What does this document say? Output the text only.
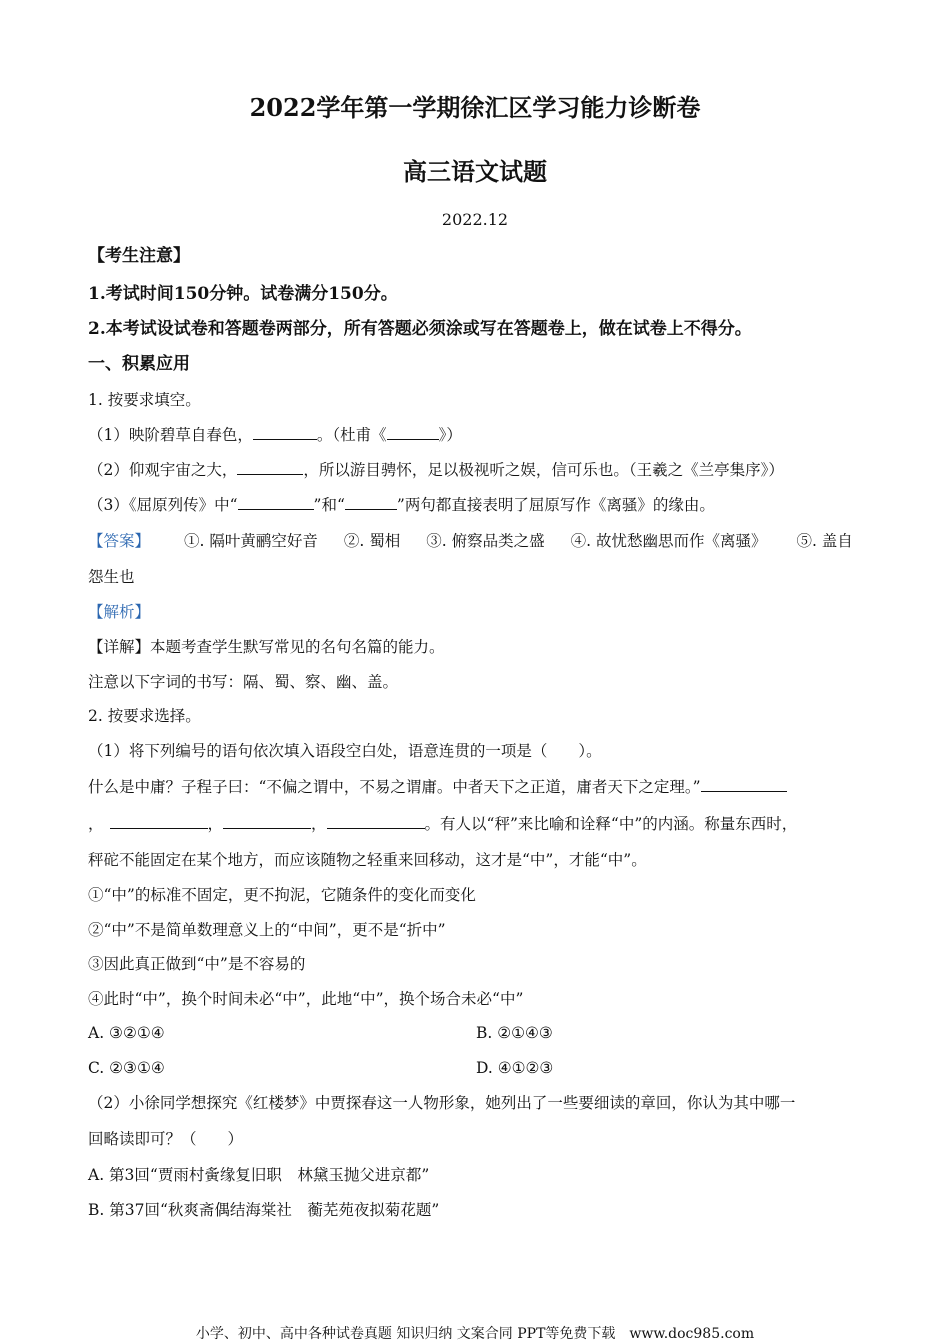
2022学年第一学期徐汇区学习能力诊断卷
高三语文试题
2022.12
【考生注意】
1.考试时间150分钟。试卷满分150分。
2.本考试设试卷和答题卷两部分，所有答题必须涂或写在答题卷上，做在试卷上不得分。
一、积累应用
1. 按要求填空。
（1）映阶碧草自春色，	。（杜甫《	》）
（2）仰观宇宙之大，	，所以游目骋怀，足以极视听之娱，信可乐也。（王羲之《兰亭集序》）
（3）《屈原列传》中“	”和“	”两句都直接表明了屈原写作《离骚》的缘由。
【答案】 ①. 隔叶黄鹂空好音 ②. 蜀相 ③. 俯察品类之盛 ④. 故忧愁幽思而作《离骚》 ⑤. 盖自
怨生也
【解析】
【详解】本题考查学生默写常见的名句名篇的能力。
注意以下字词的书写：隔、蜀、察、幽、盖。
2. 按要求选择。
（1）将下列编号的语句依次填入语段空白处，语意连贯的一项是（　　）。
什么是中庸？子程子曰：“不偏之谓中，不易之谓庸。中者天下之正道，庸者天下之定理。”
，	，	，	。有人以“秤”来比喻和诠释“中”的内涵。称量东西时，
秤砣不能固定在某个地方，而应该随物之轻重来回移动，这才是“中”，才能“中”。
①“中”的标准不固定，更不拘泥，它随条件的变化而变化
②“中”不是简单数理意义上的“中间”，更不是“折中”
③因此真正做到“中”是不容易的
④此时“中”，换个时间未必“中”，此地“中”，换个场合未必“中”
A. ③②①④	B. ②①④③
C. ②③①④	D. ④①②③
（2）小徐同学想探究《红楼梦》中贾探春这一人物形象，她列出了一些要细读的章回，你认为其中哪一
回略读即可？（　　）
A. 第3回“贾雨村夤缘复旧职　林黛玉抛父进京都”
B. 第37回“秋爽斋偶结海棠社　蘅芜苑夜拟菊花题”
小学、初中、高中各种试卷真题 知识归纳 文案合同 PPT等免费下载 www.doc985.com
